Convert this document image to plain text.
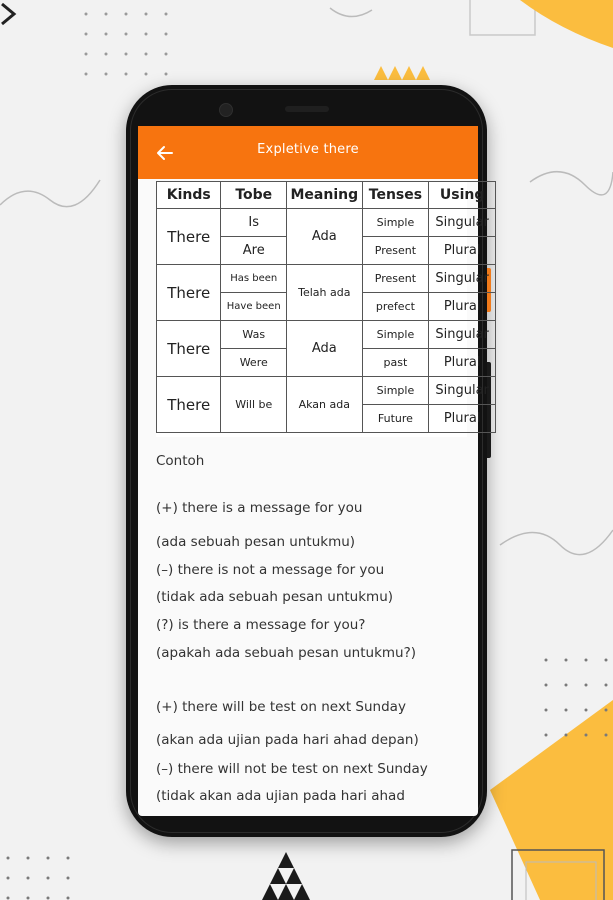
Expletive there
Kinds	Tobe	Meaning	Tenses	Using
There	Is	Ada	Simple	Singular
	Are		Present	Plural
There	Has been	Telah ada	Present	Singular
	Have been		prefect	Plural
There	Was	Ada	Simple	Singular
	Were		past	Plural
There	Will be	Akan ada	Simple	Singular
			Future	Plural
Contoh
(+) there is a message for you
(ada sebuah pesan untukmu)
(–) there is not a message for you
(tidak ada sebuah pesan untukmu)
(?) is there a message for you?
(apakah ada sebuah pesan untukmu?)
(+) there will be test on next Sunday
(akan ada ujian pada hari ahad depan)
(–) there will not be test on next Sunday
(tidak akan ada ujian pada hari ahad
